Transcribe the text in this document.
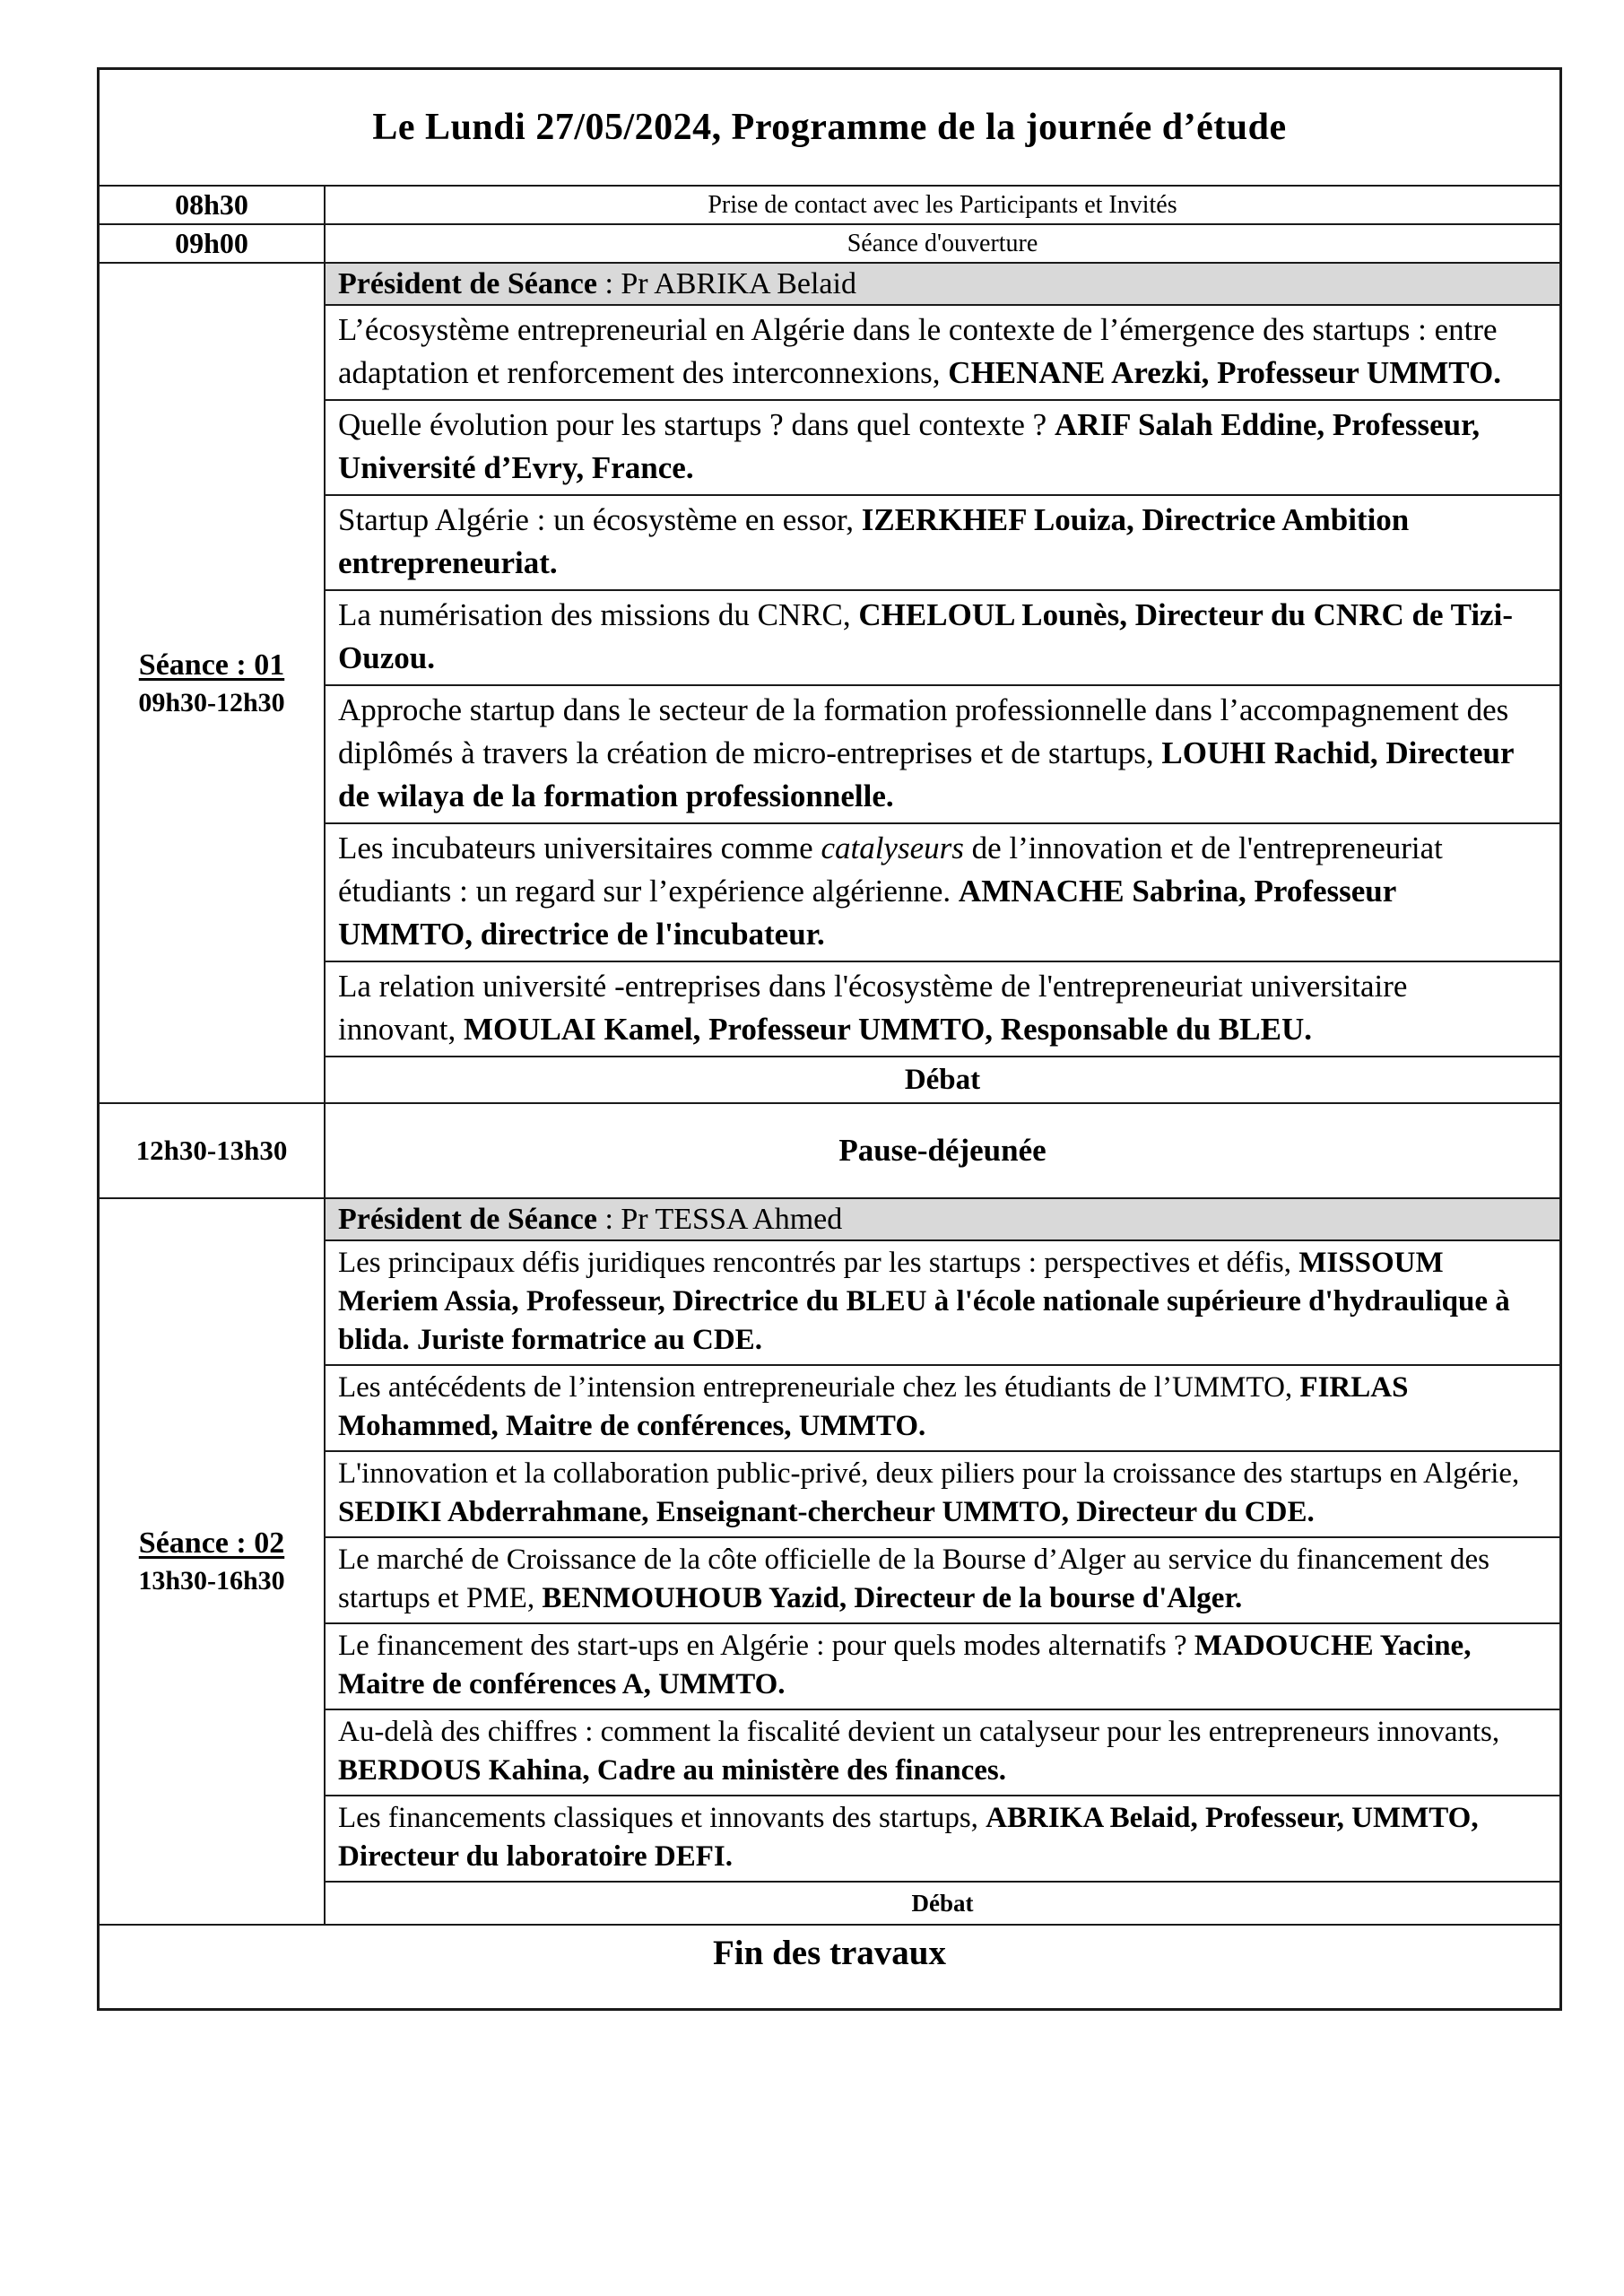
Le Lundi 27/05/2024, Programme de la journée d’étude
08h30	Prise de contact avec les Participants et Invités
09h00	Séance d'ouverture
Séance : 01
09h30-12h30
Président de Séance : Pr ABRIKA Belaid
L’écosystème entrepreneurial en Algérie dans le contexte de l’émergence des startups : entre adaptation et renforcement des interconnexions, CHENANE Arezki, Professeur UMMTO.
Quelle évolution pour les startups ? dans quel contexte ? ARIF Salah Eddine, Professeur, Université d’Evry, France.
Startup Algérie : un écosystème en essor, IZERKHEF Louiza, Directrice Ambition entrepreneuriat.
La numérisation des missions du CNRC, CHELOUL Lounès, Directeur du CNRC de Tizi-Ouzou.
Approche startup dans le secteur de la formation professionnelle dans l’accompagnement des diplômés à travers la création de micro-entreprises et de startups, LOUHI Rachid, Directeur de wilaya de la formation professionnelle.
Les incubateurs universitaires comme catalyseurs de l’innovation et de l'entrepreneuriat étudiants : un regard sur l’expérience algérienne. AMNACHE Sabrina, Professeur UMMTO, directrice de l'incubateur.
La relation université -entreprises dans l'écosystème de l'entrepreneuriat universitaire innovant, MOULAI Kamel, Professeur UMMTO, Responsable du BLEU.
Débat
12h30-13h30	Pause-déjeunée
Séance : 02
13h30-16h30
Président de Séance : Pr TESSA Ahmed
Les principaux défis juridiques rencontrés par les startups : perspectives et défis, MISSOUM Meriem Assia, Professeur, Directrice du BLEU à l'école nationale supérieure d'hydraulique à blida. Juriste formatrice au CDE.
Les antécédents de l’intension entrepreneuriale chez les étudiants de l’UMMTO, FIRLAS Mohammed, Maitre de conférences, UMMTO.
L'innovation et la collaboration public-privé, deux piliers pour la croissance des startups en Algérie, SEDIKI Abderrahmane, Enseignant-chercheur UMMTO, Directeur du CDE.
Le marché de Croissance de la côte officielle de la Bourse d’Alger au service du financement des startups et PME, BENMOUHOUB Yazid, Directeur de la bourse d'Alger.
Le financement des start-ups en Algérie : pour quels modes alternatifs ? MADOUCHE Yacine, Maitre de conférences A, UMMTO.
Au-delà des chiffres : comment la fiscalité devient un catalyseur pour les entrepreneurs innovants, BERDOUS Kahina, Cadre au ministère des finances.
Les financements classiques et innovants des startups, ABRIKA Belaid, Professeur, UMMTO, Directeur du laboratoire DEFI.
Débat
Fin des travaux
